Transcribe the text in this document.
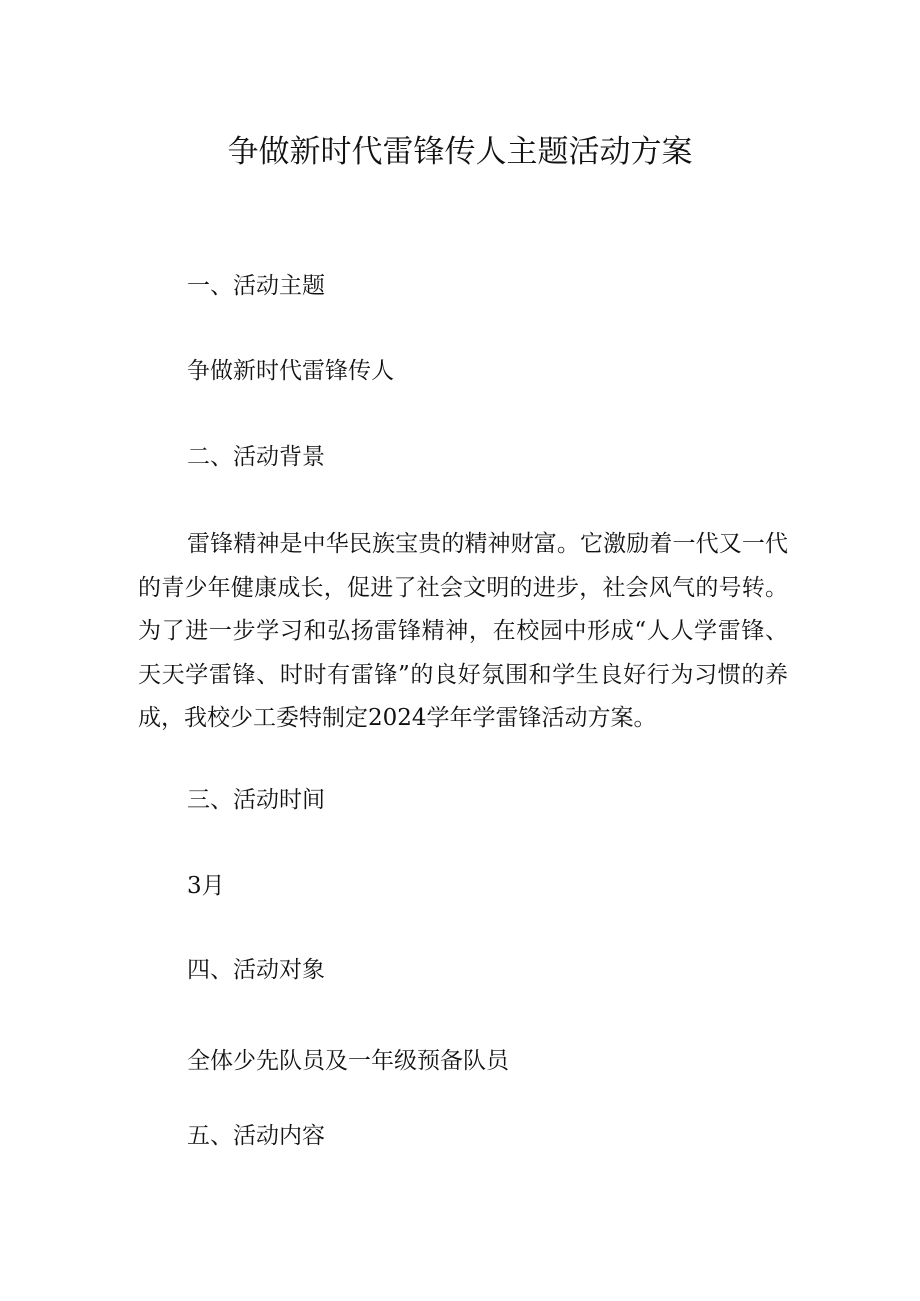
争做新时代雷锋传人主题活动方案
一、活动主题
争做新时代雷锋传人
二、活动背景
雷锋精神是中华民族宝贵的精神财富。它激励着一代又一代的青少年健康成长，促进了社会文明的进步，社会风气的号转。为了进一步学习和弘扬雷锋精神，在校园中形成“人人学雷锋、天天学雷锋、时时有雷锋”的良好氛围和学生良好行为习惯的养成，我校少工委特制定2024学年学雷锋活动方案。
三、活动时间
3月
四、活动对象
全体少先队员及一年级预备队员
五、活动内容
